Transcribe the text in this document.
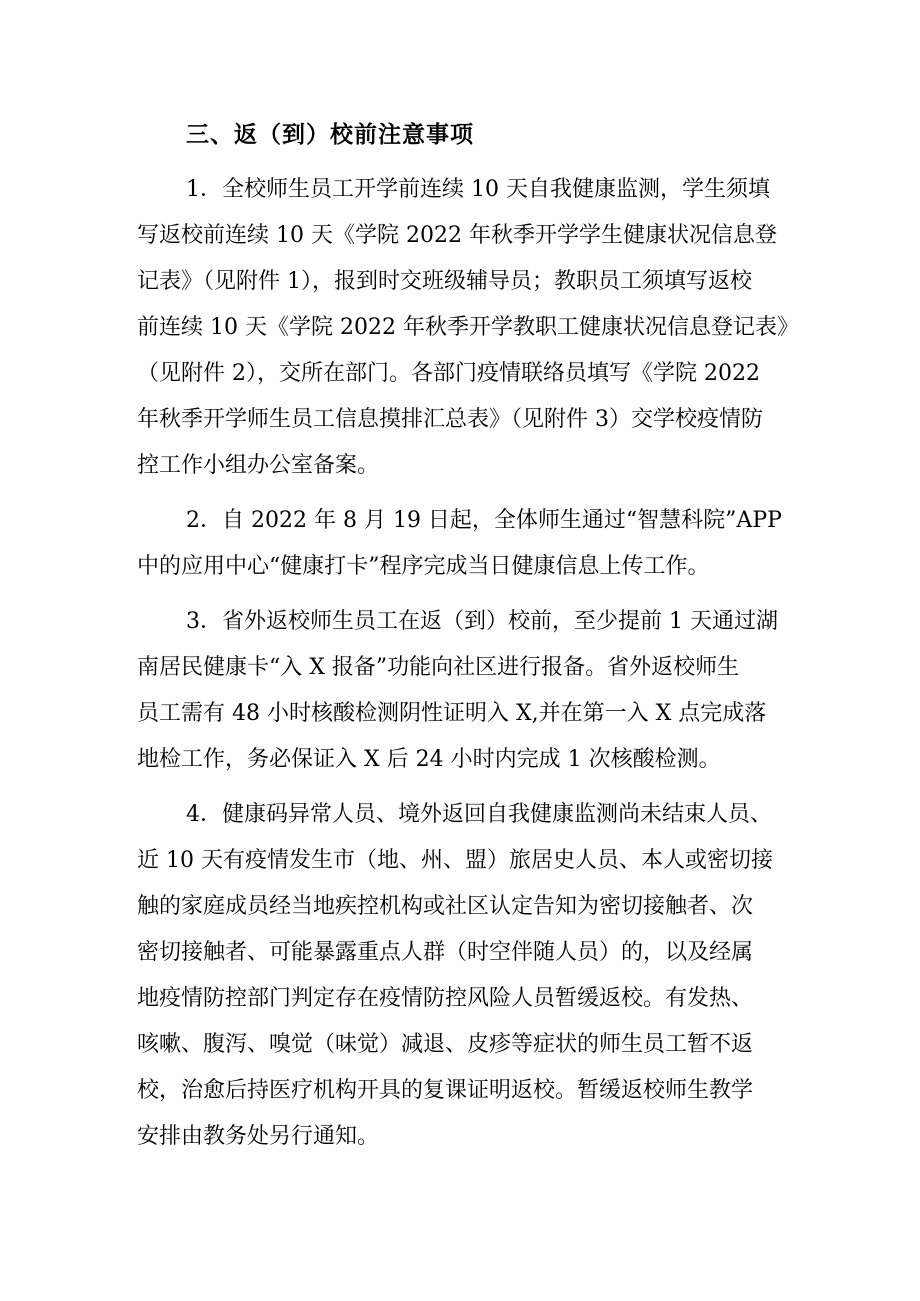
三、返（到）校前注意事项
1．全校师生员工开学前连续 10 天自我健康监测，学生须填
写返校前连续 10 天《学院 2022 年秋季开学学生健康状况信息登
记表》（见附件 1），报到时交班级辅导员；教职员工须填写返校
前连续 10 天《学院 2022 年秋季开学教职工健康状况信息登记表》
（见附件 2），交所在部门。各部门疫情联络员填写《学院 2022
年秋季开学师生员工信息摸排汇总表》（见附件 3）交学校疫情防
控工作小组办公室备案。
2．自 2022 年 8 月 19 日起，全体师生通过“智慧科院”APP
中的应用中心“健康打卡”程序完成当日健康信息上传工作。
3．省外返校师生员工在返（到）校前，至少提前 1 天通过湖
南居民健康卡“入 X 报备”功能向社区进行报备。省外返校师生
员工需有 48 小时核酸检测阴性证明入 X,并在第一入 X 点完成落
地检工作，务必保证入 X 后 24 小时内完成 1 次核酸检测。
4．健康码异常人员、境外返回自我健康监测尚未结束人员、
近 10 天有疫情发生市（地、州、盟）旅居史人员、本人或密切接
触的家庭成员经当地疾控机构或社区认定告知为密切接触者、次
密切接触者、可能暴露重点人群（时空伴随人员）的，以及经属
地疫情防控部门判定存在疫情防控风险人员暂缓返校。有发热、
咳嗽、腹泻、嗅觉（味觉）减退、皮疹等症状的师生员工暂不返
校，治愈后持医疗机构开具的复课证明返校。暂缓返校师生教学
安排由教务处另行通知。
